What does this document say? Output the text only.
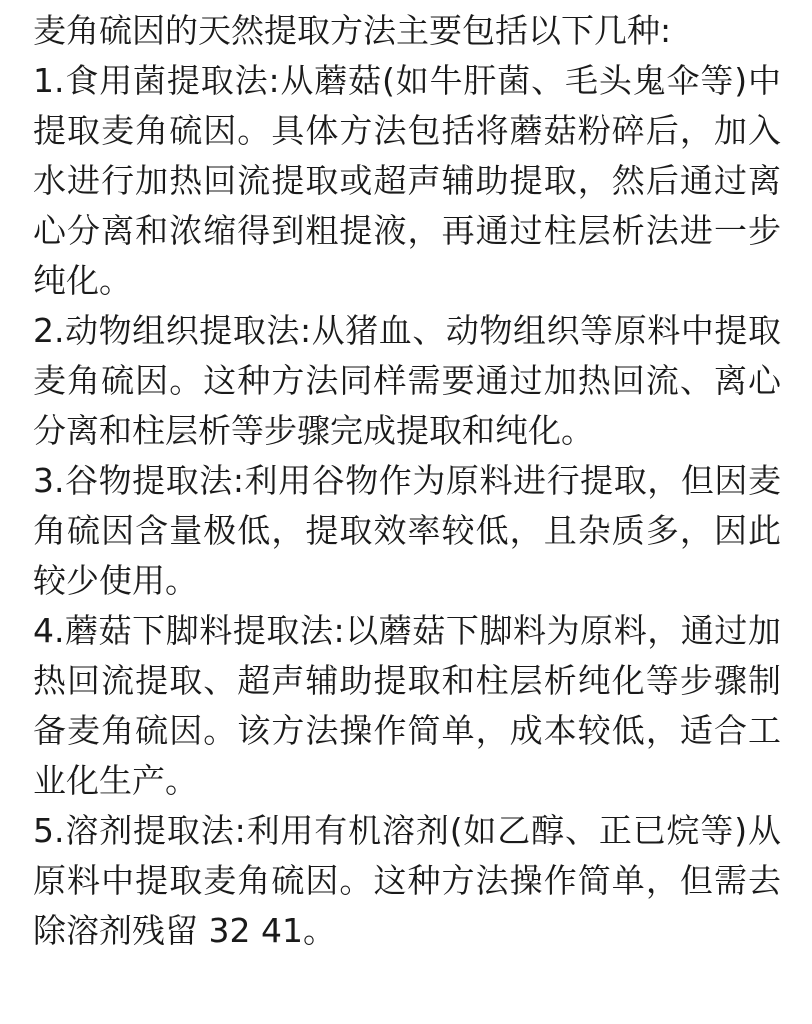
麦角硫因的天然提取方法主要包括以下几种:

1.食用菌提取法:从蘑菇(如牛肝菌、毛头鬼伞等)中提取麦角硫因。具体方法包括将蘑菇粉碎后，加入水进行加热回流提取或超声辅助提取，然后通过离心分离和浓缩得到粗提液，再通过柱层析法进一步纯化。

2.动物组织提取法:从猪血、动物组织等原料中提取麦角硫因。这种方法同样需要通过加热回流、离心分离和柱层析等步骤完成提取和纯化。

3.谷物提取法:利用谷物作为原料进行提取，但因麦角硫因含量极低，提取效率较低，且杂质多，因此较少使用。

4.蘑菇下脚料提取法:以蘑菇下脚料为原料，通过加热回流提取、超声辅助提取和柱层析纯化等步骤制备麦角硫因。该方法操作简单，成本较低，适合工业化生产。

5.溶剂提取法:利用有机溶剂(如乙醇、正已烷等)从原料中提取麦角硫因。这种方法操作简单，但需去除溶剂残留 32 41。
